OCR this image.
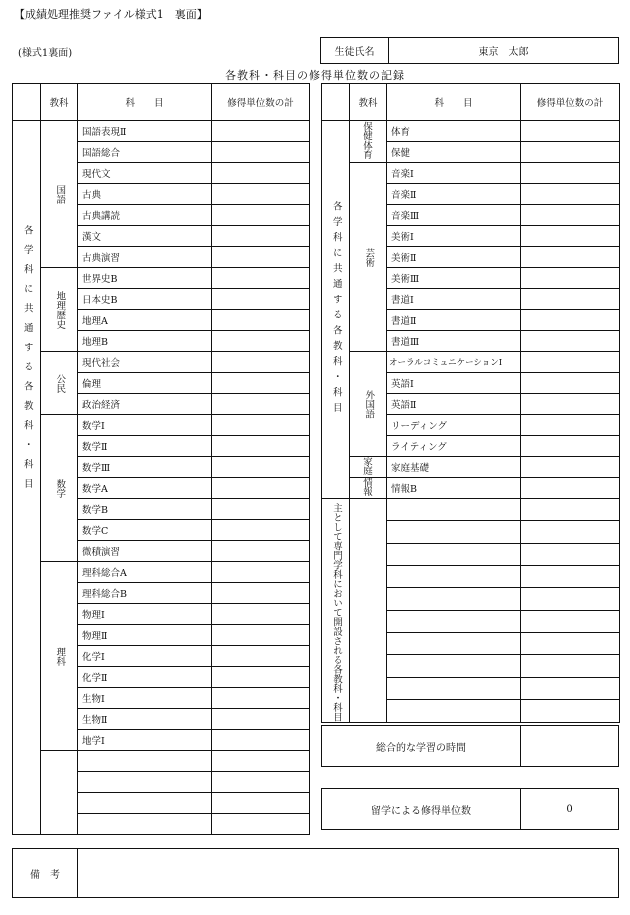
【成績処理推奨ファイル様式1　裏面】
(様式1裏面)	生徒氏名	東京　太郎
各教科・科目の修得単位数の記録
	教科	科　　目	修得単位数の計

各学科に共通する各教科・科目	国語	国語表現Ⅱ	
		国語総合	
		現代文	
		古典	
		古典講読	
		漢文	
		古典演習	

	地理歴史	世界史B	
		日本史B	
		地理A	
		地理B	

	公民	現代社会	
		倫理	
		政治経済	

	数学	数学Ⅰ	
		数学Ⅱ	
		数学Ⅲ	
		数学A	
		数学B	
		数学C	
		微積演習	

	理科	理科総合A	
		理科総合B	
		物理Ⅰ	
		物理Ⅱ	
		化学Ⅰ	
		化学Ⅱ	
		生物Ⅰ	
		生物Ⅱ	
		地学Ⅰ	

	教科	科　　目	修得単位数の計

各学科に共通する各教科・科目	保健体育	体育	
		保健	

	芸術	音楽Ⅰ	
		音楽Ⅱ	
		音楽Ⅲ	
		美術Ⅰ	
		美術Ⅱ	
		美術Ⅲ	
		書道Ⅰ	
		書道Ⅱ	
		書道Ⅲ	

	外国語	オーラルコミュニケーションⅠ	
		英語Ⅰ	
		英語Ⅱ	
		リーディング	
		ライティング	

	家庭	家庭基礎	

	情報	情報B	

主として専門学科において開設される各教科・科目			

総合的な学習の時間	
留学による修得単位数	0
備　考	
